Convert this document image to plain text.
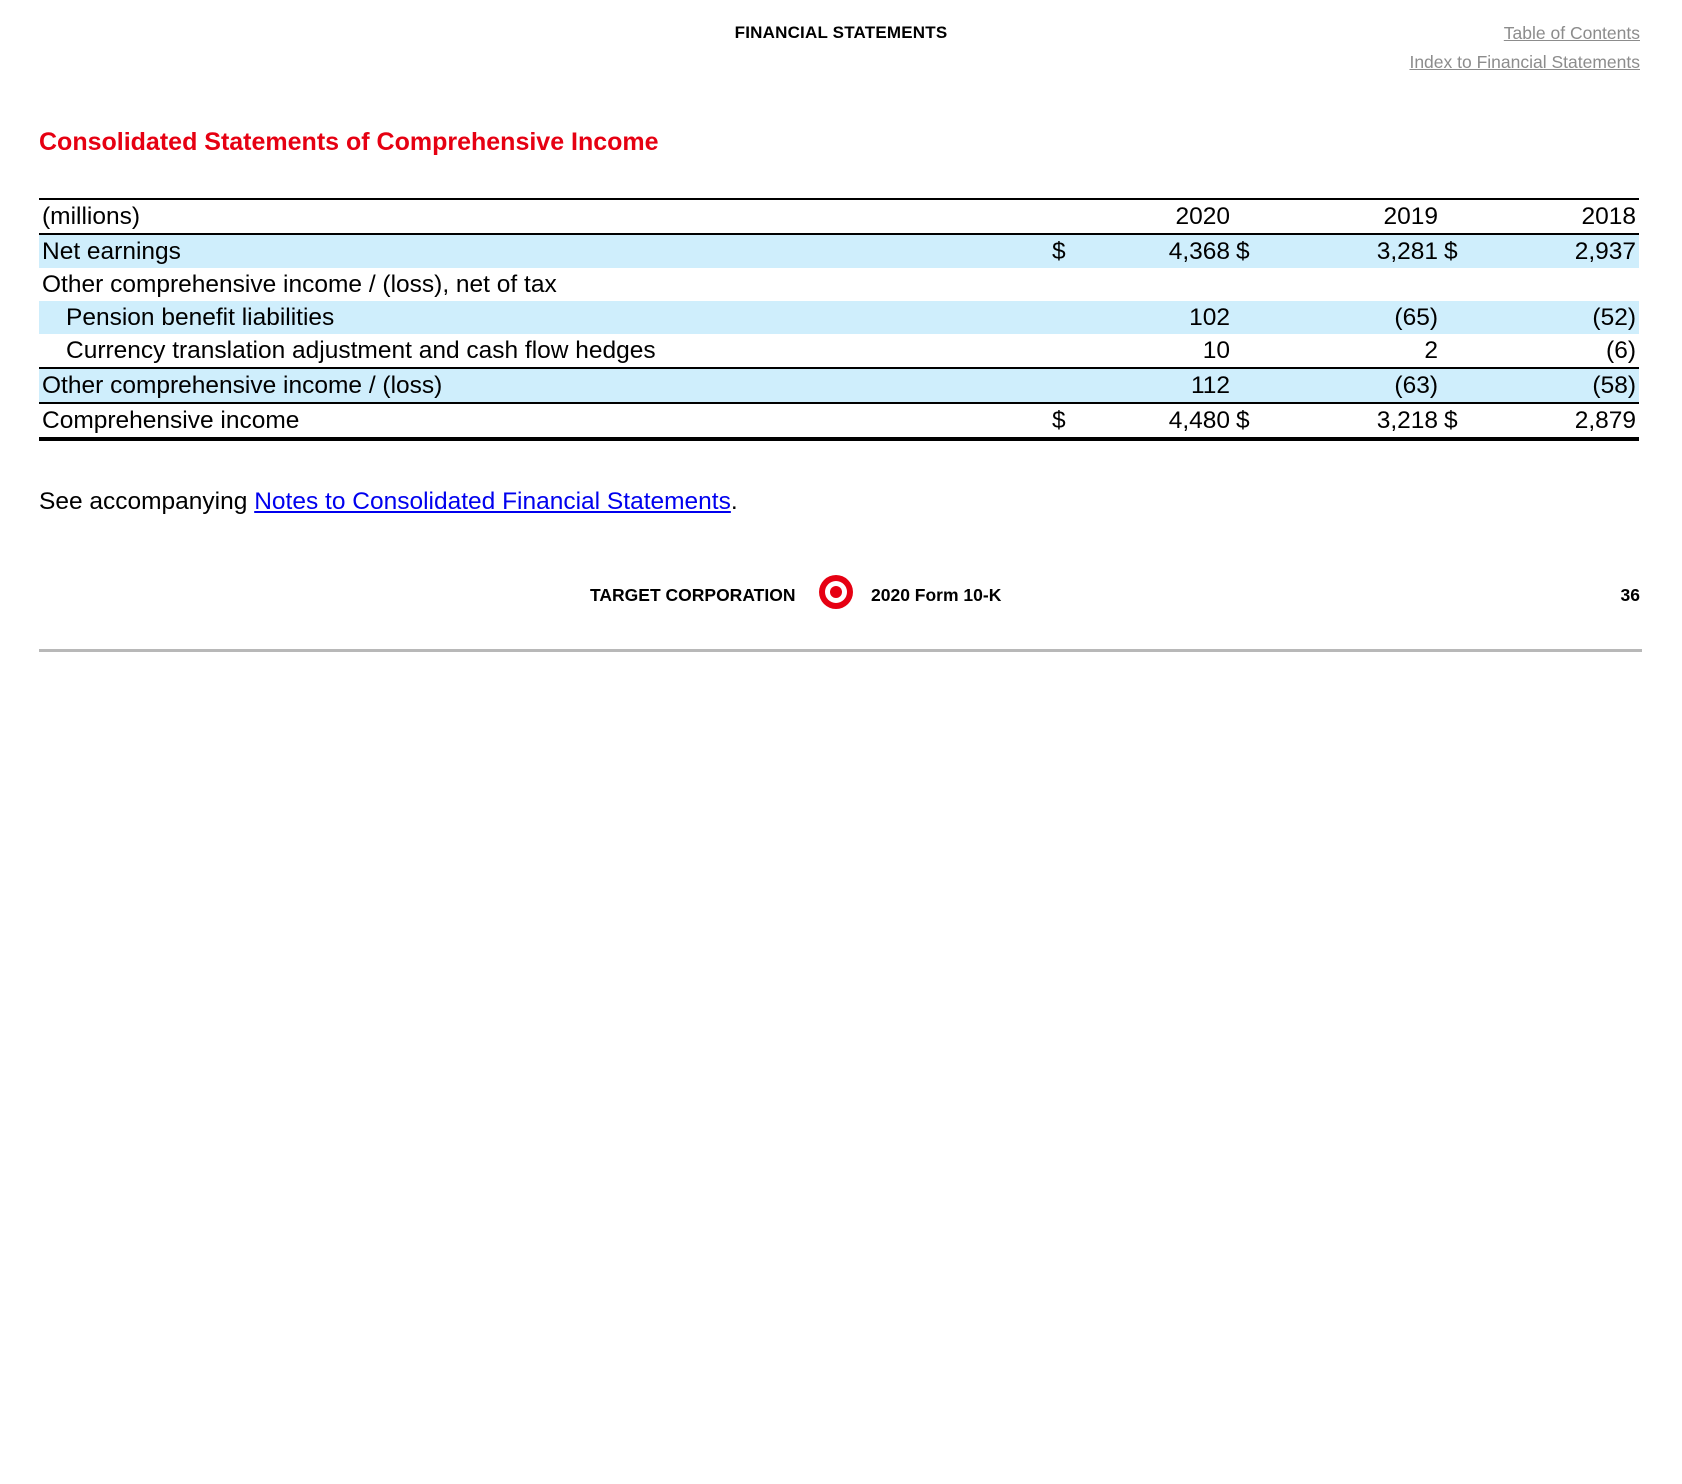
FINANCIAL STATEMENTS	Table of Contents
Index to Financial Statements
Consolidated Statements of Comprehensive Income
(millions)		2020			2019			2018
Net earnings	$	4,368	$		3,281	$		2,937
Other comprehensive income / (loss), net of tax								
Pension benefit liabilities		102			(65)			(52)
Currency translation adjustment and cash flow hedges		10			2			(6)
Other comprehensive income / (loss)		112			(63)			(58)
Comprehensive income	$	4,480	$		3,218	$		2,879
See accompanying Notes to Consolidated Financial Statements.
TARGET CORPORATION	2020 Form 10-K	36
